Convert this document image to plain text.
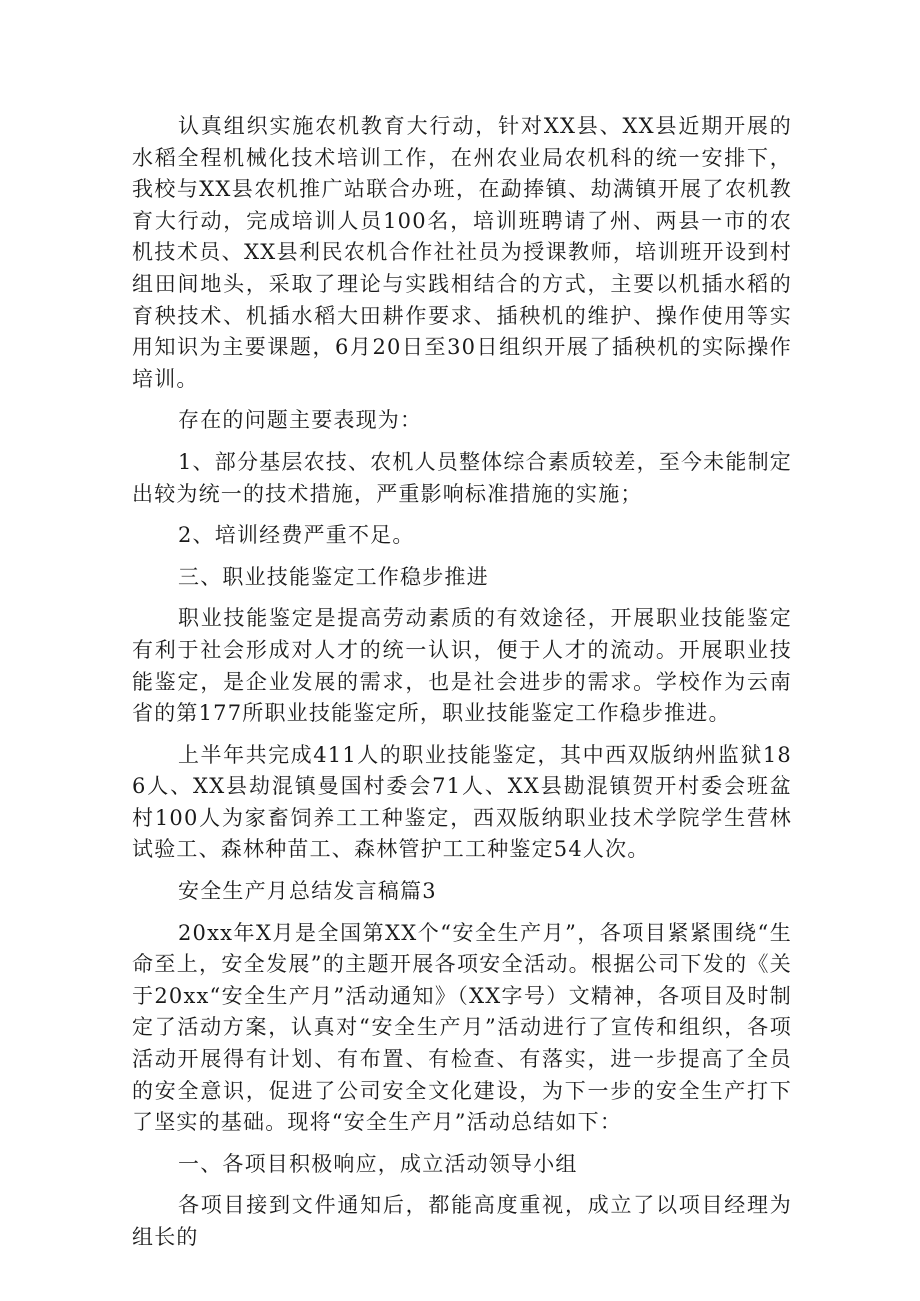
认真组织实施农机教育大行动，针对XX县、XX县近期开展的水稻全程机械化技术培训工作，在州农业局农机科的统一安排下，我校与XX县农机推广站联合办班，在勐捧镇、劫满镇开展了农机教育大行动，完成培训人员100名，培训班聘请了州、两县一市的农机技术员、XX县利民农机合作社社员为授课教师，培训班开设到村组田间地头，采取了理论与实践相结合的方式，主要以机插水稻的育秧技术、机插水稻大田耕作要求、插秧机的维护、操作使用等实用知识为主要课题，6月20日至30日组织开展了插秧机的实际操作培训。

存在的问题主要表现为：

1、部分基层农技、农机人员整体综合素质较差，至今未能制定出较为统一的技术措施，严重影响标准措施的实施；

2、培训经费严重不足。

三、职业技能鉴定工作稳步推进

职业技能鉴定是提高劳动素质的有效途径，开展职业技能鉴定有利于社会形成对人才的统一认识，便于人才的流动。开展职业技能鉴定，是企业发展的需求，也是社会进步的需求。学校作为云南省的第177所职业技能鉴定所，职业技能鉴定工作稳步推进。

上半年共完成411人的职业技能鉴定，其中西双版纳州监狱186人、XX县劫混镇曼国村委会71人、XX县勘混镇贺开村委会班盆村100人为家畜饲养工工种鉴定，西双版纳职业技术学院学生营林试验工、森林种苗工、森林管护工工种鉴定54人次。

安全生产月总结发言稿篇3

20xx年X月是全国第XX个“安全生产月”，各项目紧紧围绕“生命至上，安全发展”的主题开展各项安全活动。根据公司下发的《关于20xx“安全生产月”活动通知》（XX字号）文精神，各项目及时制定了活动方案，认真对“安全生产月”活动进行了宣传和组织，各项活动开展得有计划、有布置、有检查、有落实，进一步提高了全员的安全意识，促进了公司安全文化建设，为下一步的安全生产打下了坚实的基础。现将“安全生产月”活动总结如下：

一、各项目积极响应，成立活动领导小组

各项目接到文件通知后，都能高度重视，成立了以项目经理为组长的
